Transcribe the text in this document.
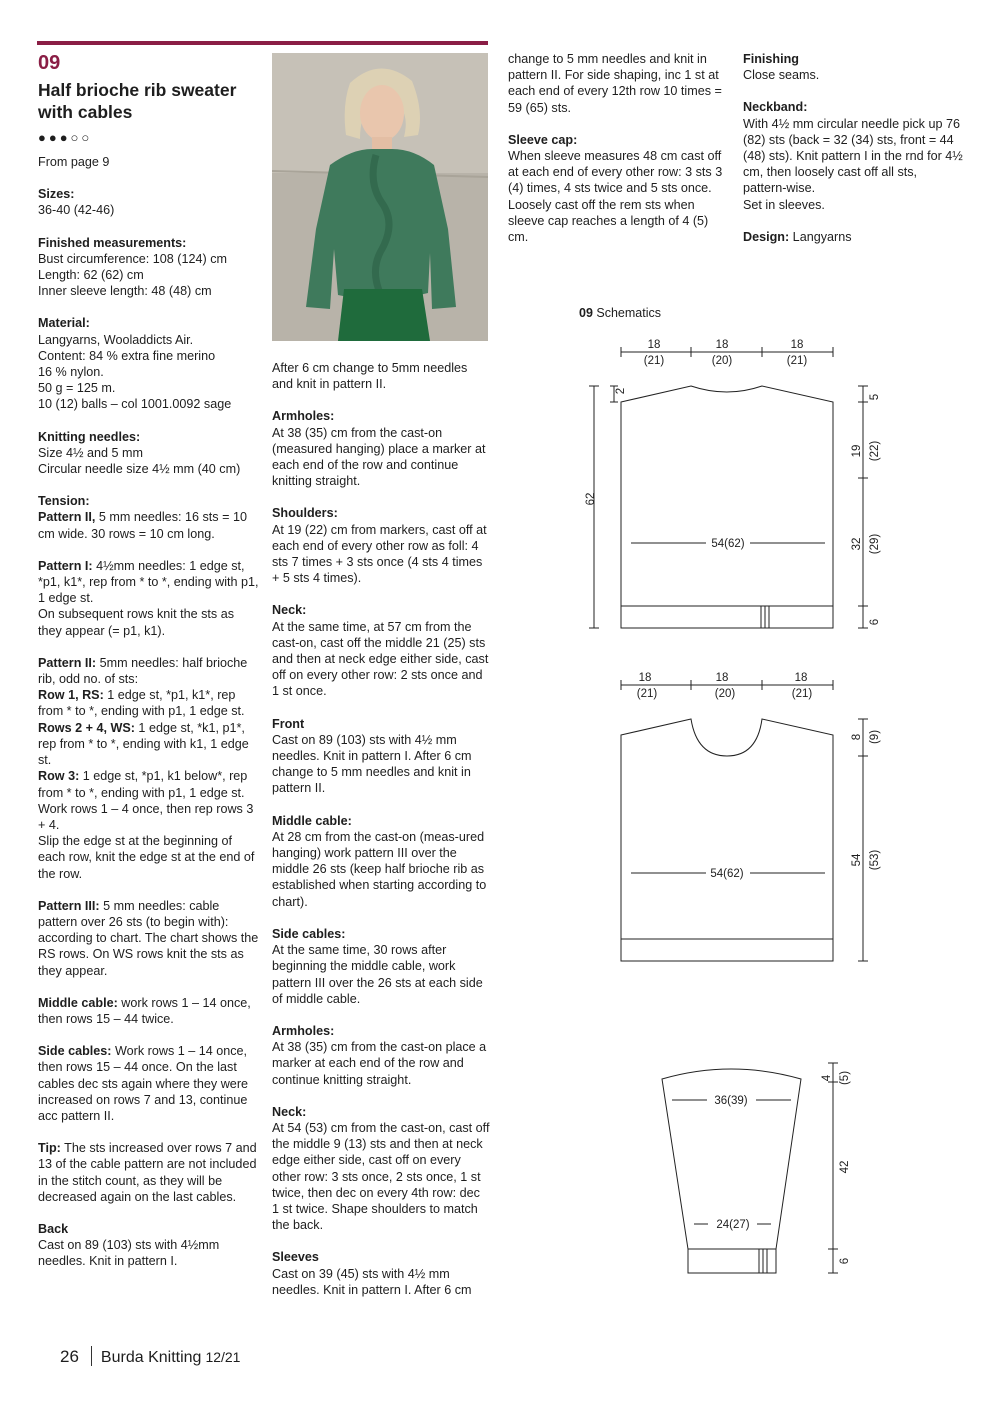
09
Half brioche rib sweater with cables
●●●○○

From page 9

Sizes:
36-40 (42-46)

Finished measurements:
Bust circumference: 108 (124) cm
Length: 62 (62) cm
Inner sleeve length: 48 (48) cm

Material:
Langyarns, Wooladdicts Air.
Content: 84 % extra fine merino
16 % nylon.
50 g = 125 m.
10 (12) balls – col 1001.0092 sage

Knitting needles:
Size 4½ and 5 mm
Circular needle size 4½ mm (40 cm)

Tension:
Pattern II, 5 mm needles: 16 sts = 10 cm wide. 30 rows = 10 cm long.

Pattern I: 4½mm needles: 1 edge st, *p1, k1*, rep from * to *, ending with p1, 1 edge st.
On subsequent rows knit the sts as they appear (= p1, k1).

Pattern II: 5mm needles: half brioche rib, odd no. of sts:
Row 1, RS: 1 edge st, *p1, k1*, rep from * to *, ending with p1, 1 edge st.
Rows 2 + 4, WS: 1 edge st, *k1, p1*, rep from * to *, ending with k1, 1 edge st.
Row 3: 1 edge st, *p1, k1 below*, rep from * to *, ending with p1, 1 edge st.
Work rows 1 – 4 once, then rep rows 3 + 4.
Slip the edge st at the beginning of each row, knit the edge st at the end of the row.

Pattern III: 5 mm needles: cable pattern over 26 sts (to begin with): according to chart. The chart shows the RS rows. On WS rows knit the sts as they appear.

Middle cable: work rows 1 – 14 once, then rows 15 – 44 twice.

Side cables: Work rows 1 – 14 once, then rows 15 – 44 once. On the last cables dec sts again where they were increased on rows 7 and 13, continue acc pattern II.

Tip: The sts increased over rows 7 and 13 of the cable pattern are not included in the stitch count, as they will be decreased again on the last cables.

Back
Cast on 89 (103) sts with 4½mm needles. Knit in pattern I.

After 6 cm change to 5mm needles and knit in pattern II.

Armholes:
At 38 (35) cm from the cast-on (measured hanging) place a marker at each end of the row and continue knitting straight.

Shoulders:
At 19 (22) cm from markers, cast off at each end of every other row as foll: 4 sts 7 times + 3 sts once (4 sts 4 times + 5 sts 4 times).

Neck:
At the same time, at 57 cm from the cast-on, cast off the middle 21 (25) sts and then at neck edge either side, cast off on every other row: 2 sts once and 1 st once.

Front
Cast on 89 (103) sts with 4½ mm needles. Knit in pattern I. After 6 cm change to 5 mm needles and knit in pattern II.

Middle cable:
At 28 cm from the cast-on (meas-ured hanging) work pattern III over the middle 26 sts (keep half brioche rib as established when starting according to chart).

Side cables:
At the same time, 30 rows after beginning the middle cable, work pattern III over the 26 sts at each side of middle cable.

Armholes:
At 38 (35) cm from the cast-on place a marker at each end of the row and continue knitting straight.

Neck:
At 54 (53) cm from the cast-on, cast off the middle 9 (13) sts and then at neck edge either side, cast off on every other row: 3 sts once, 2 sts once, 1 st twice, then dec on every 4th row: dec 1 st twice. Shape shoulders to match the back.

Sleeves
Cast on 39 (45) sts with 4½ mm needles. Knit in pattern I. After 6 cm

change to 5 mm needles and knit in pattern II. For side shaping, inc 1 st at each end of every 12th row 10 times = 59 (65) sts.

Sleeve cap:
When sleeve measures 48 cm cast off at each end of every other row: 3 sts 3 (4) times, 4 sts twice and 5 sts once. Loosely cast off the rem sts when sleeve cap reaches a length of 4 (5) cm.

Finishing
Close seams.

Neckband:
With 4½ mm circular needle pick up 76 (82) sts (back = 32 (34) sts, front = 44 (48) sts). Knit pattern I in the rnd for 4½ cm, then loosely cast off all sts, pattern-wise.
Set in sleeves.

Design: Langyarns

09 Schematics
18
(21)
18
(20)
18
(21)
54(62)
62
2
5
19 (22)
32 (29)
6
18
(21)
18
(20)
18
(21)
54(62)
8 (9)
54 (53)
36(39)
24(27)
4 (5)
42
6
26 Burda Knitting 12/21
